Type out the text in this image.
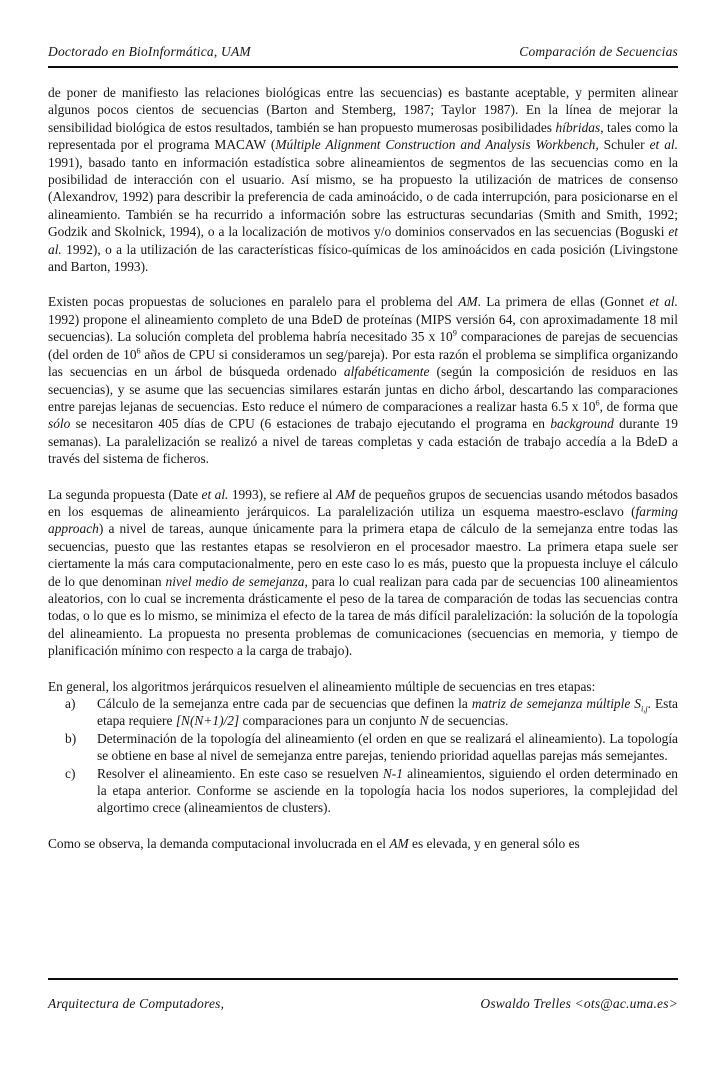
Doctorado en BioInformática, UAM	Comparación de Secuencias

de poner de manifiesto las relaciones biológicas entre las secuencias) es bastante aceptable, y permiten alinear algunos pocos cientos de secuencias (Barton and Stemberg, 1987; Taylor 1987). En la línea de mejorar la sensibilidad biológica de estos resultados, también se han propuesto mumerosas posibilidades híbridas, tales como la representada por el programa MACAW (Múltiple Alignment Construction and Analysis Workbench, Schuler et al. 1991), basado tanto en información estadística sobre alineamientos de segmentos de las secuencias como en la posibilidad de interacción con el usuario. Así mismo, se ha propuesto la utilización de matrices de consenso (Alexandrov, 1992) para describir la preferencia de cada aminoácido, o de cada interrupción, para posicionarse en el alineamiento. También se ha recurrido a información sobre las estructuras secundarias (Smith and Smith, 1992; Godzik and Skolnick, 1994), o a la localización de motivos y/o dominios conservados en las secuencias (Boguski et al. 1992), o a la utilización de las características físico-químicas de los aminoácidos en cada posición (Livingstone and Barton, 1993).

Existen pocas propuestas de soluciones en paralelo para el problema del AM. La primera de ellas (Gonnet et al. 1992) propone el alineamiento completo de una BdeD de proteínas (MIPS versión 64, con aproximadamente 18 mil secuencias). La solución completa del problema habría necesitado 35 x $10^9$ comparaciones de parejas de secuencias (del orden de $10^6$ años de CPU si consideramos un seg/pareja). Por esta razón el problema se simplifica organizando las secuencias en un árbol de búsqueda ordenado alfabéticamente (según la composición de residuos en las secuencias), y se asume que las secuencias similares estarán juntas en dicho árbol, descartando las comparaciones entre parejas lejanas de secuencias. Esto reduce el número de comparaciones a realizar hasta 6.5 x $10^6$, de forma que sólo se necesitaron 405 días de CPU (6 estaciones de trabajo ejecutando el programa en background durante 19 semanas). La paralelización se realizó a nivel de tareas completas y cada estación de trabajo accedía a la BdeD a través del sistema de ficheros.

La segunda propuesta (Date et al. 1993), se refiere al AM de pequeños grupos de secuencias usando métodos basados en los esquemas de alineamiento jerárquicos. La paralelización utiliza un esquema maestro-esclavo (farming approach) a nivel de tareas, aunque únicamente para la primera etapa de cálculo de la semejanza entre todas las secuencias, puesto que las restantes etapas se resolvieron en el procesador maestro. La primera etapa suele ser ciertamente la más cara computacionalmente, pero en este caso lo es más, puesto que la propuesta incluye el cálculo de lo que denominan nivel medio de semejanza, para lo cual realizan para cada par de secuencias 100 alineamientos aleatorios, con lo cual se incrementa drásticamente el peso de la tarea de comparación de todas las secuencias contra todas, o lo que es lo mismo, se minimiza el efecto de la tarea de más difícil paralelización: la solución de la topología del alineamiento. La propuesta no presenta problemas de comunicaciones (secuencias en memoria, y tiempo de planificación mínimo con respecto a la carga de trabajo).

En general, los algoritmos jerárquicos resuelven el alineamiento múltiple de secuencias en tres etapas:

a) Cálculo de la semejanza entre cada par de secuencias que definen la matriz de semejanza múltiple $S_{i,j}$. Esta etapa requiere [N(N+1)/2] comparaciones para un conjunto N de secuencias.
b) Determinación de la topología del alineamiento (el orden en que se realizará el alineamiento). La topología se obtiene en base al nivel de semejanza entre parejas, teniendo prioridad aquellas parejas más semejantes.
c) Resolver el alineamiento. En este caso se resuelven N-1 alineamientos, siguiendo el orden determinado en la etapa anterior. Conforme se asciende en la topología hacia los nodos superiores, la complejidad del algortimo crece (alineamientos de clusters).

Como se observa, la demanda computacional involucrada en el AM es elevada, y en general sólo es

Arquitectura de Computadores,	Oswaldo Trelles <ots@ac.uma.es>
